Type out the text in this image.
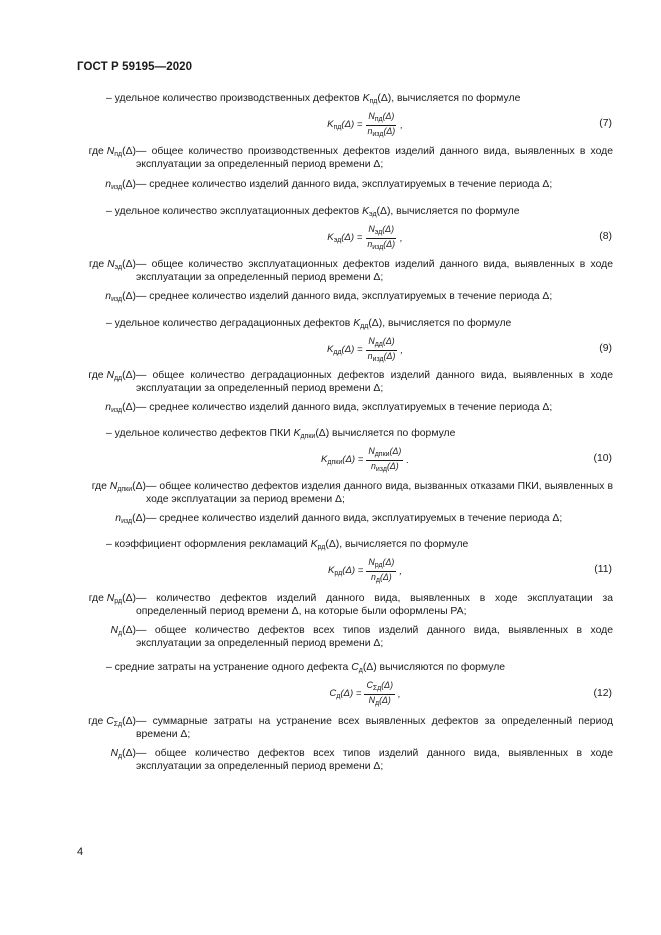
ГОСТ Р 59195—2020
– удельное количество производственных дефектов $K_{пд}(\Delta)$, вычисляется по формуле
$K_{пд}(\Delta) = \frac{N_{пд}(\Delta)}{n_{изд}(\Delta)}$ ,	(7)
где $N_{пд}(\Delta)$ — общее количество производственных дефектов изделий данного вида, выявленных в ходе эксплуатации за определенный период времени Δ;
$n_{изд}(\Delta)$ — среднее количество изделий данного вида, эксплуатируемых в течение периода Δ;
– удельное количество эксплуатационных дефектов $K_{эд}(\Delta)$, вычисляется по формуле
$K_{эд}(\Delta) = \frac{N_{эд}(\Delta)}{n_{изд}(\Delta)}$ ,	(8)
где $N_{эд}(\Delta)$ — общее количество эксплуатационных дефектов изделий данного вида, выявленных в ходе эксплуатации за определенный период времени Δ;
$n_{изд}(\Delta)$ — среднее количество изделий данного вида, эксплуатируемых в течение периода Δ;
– удельное количество деградационных дефектов $K_{дд}(\Delta)$, вычисляется по формуле
$K_{дд}(\Delta) = \frac{N_{дд}(\Delta)}{n_{изд}(\Delta)}$ ,	(9)
где $N_{дд}(\Delta)$ — общее количество деградационных дефектов изделий данного вида, выявленных в ходе эксплуатации за определенный период времени Δ;
$n_{изд}(\Delta)$ — среднее количество изделий данного вида, эксплуатируемых в течение периода Δ;
– удельное количество дефектов ПКИ $K_{дпки}(\Delta)$ вычисляется по формуле
$K_{дпки}(\Delta) = \frac{N_{дпки}(\Delta)}{n_{изд}(\Delta)}$ .	(10)
где $N_{дпки}(\Delta)$ — общее количество дефектов изделия данного вида, вызванных отказами ПКИ, выявленных в ходе эксплуатации за период времени Δ;
$n_{изд}(\Delta)$ — среднее количество изделий данного вида, эксплуатируемых в течение периода Δ;
– коэффициент оформления рекламаций $K_{рд}(\Delta)$, вычисляется по формуле
$K_{рд}(\Delta) = \frac{N_{рд}(\Delta)}{n_д(\Delta)}$ ,	(11)
где $N_{рд}(\Delta)$ — количество дефектов изделий данного вида, выявленных в ходе эксплуатации за определенный период времени Δ, на которые были оформлены РА;
$N_д(\Delta)$ — общее количество дефектов всех типов изделий данного вида, выявленных в ходе эксплуатации за определенный период времени Δ;
– средние затраты на устранение одного дефекта $C_д(\Delta)$ вычисляются по формуле
$C_д(\Delta) = \frac{C_{\Sigma д}(\Delta)}{N_д(\Delta)}$ ,	(12)
где $C_{\Sigma д}(\Delta)$ — суммарные затраты на устранение всех выявленных дефектов за определенный период времени Δ;
$N_д(\Delta)$ — общее количество дефектов всех типов изделий данного вида, выявленных в ходе эксплуатации за определенный период времени Δ;
4
